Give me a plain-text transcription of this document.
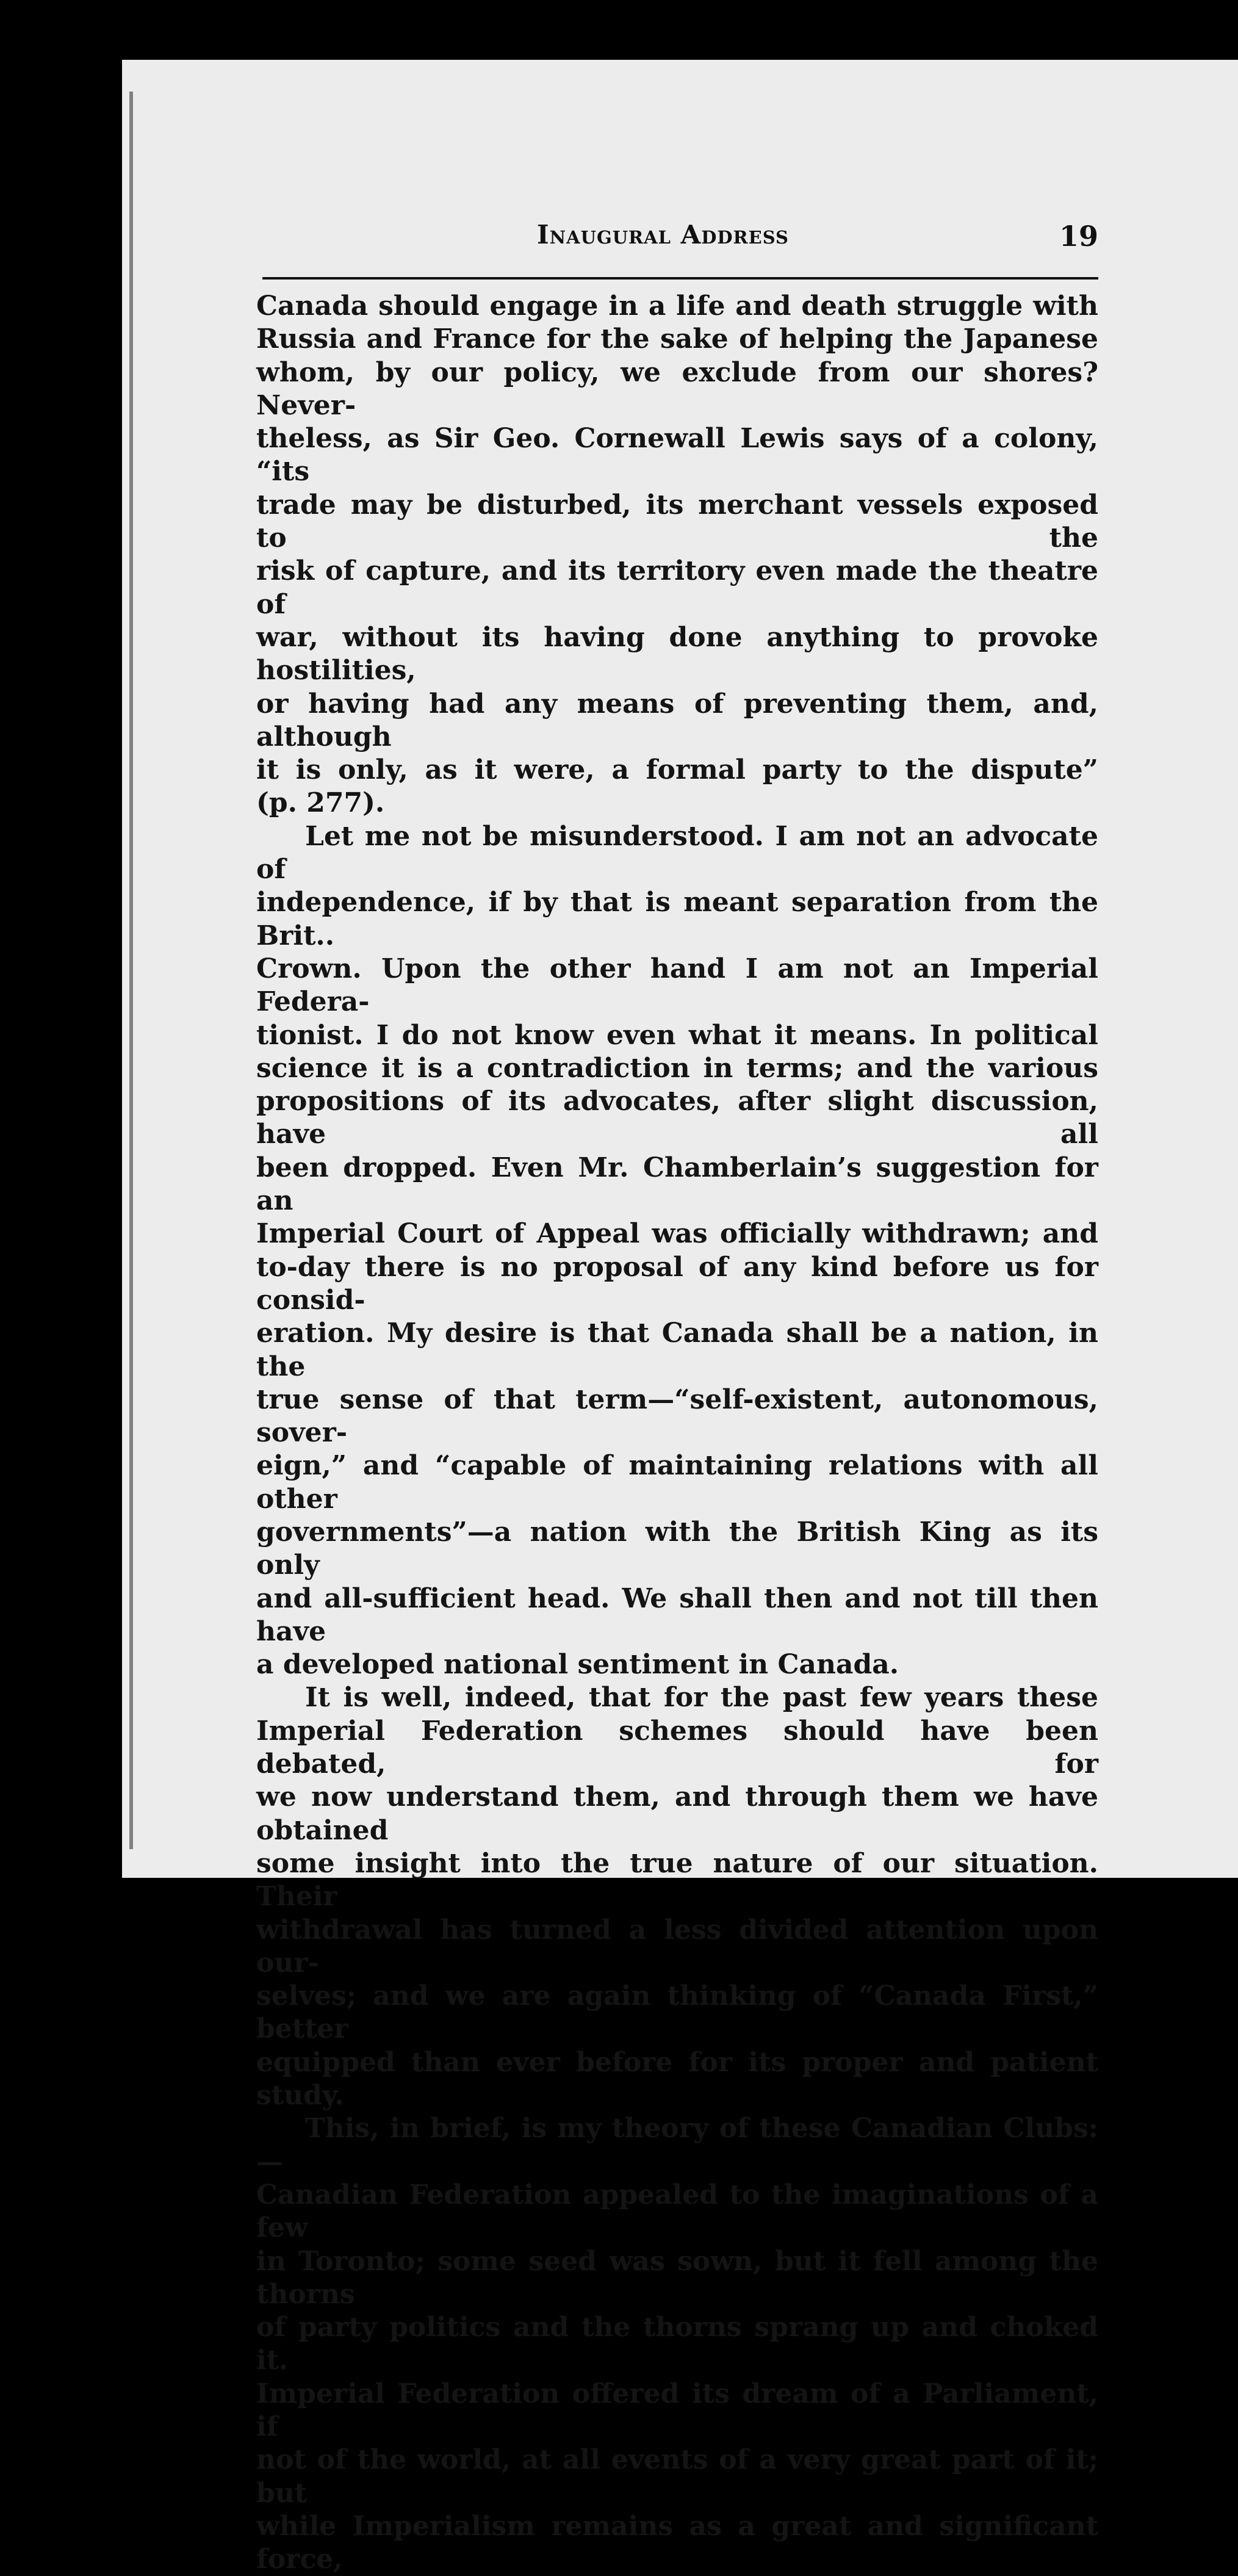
Inaugural Address	19

Canada should engage in a life and death struggle with
Russia and France for the sake of helping the Japanese
whom, by our policy, we exclude from our shores? Never-
theless, as Sir Geo. Cornewall Lewis says of a colony, “its
trade may be disturbed, its merchant vessels exposed to the
risk of capture, and its territory even made the theatre of
war, without its having done anything to provoke hostilities,
or having had any means of preventing them, and, although
it is only, as it were, a formal party to the dispute”
(p. 277).

Let me not be misunderstood. I am not an advocate of
independence, if by that is meant separation from the Brit..
Crown. Upon the other hand I am not an Imperial Federa-
tionist. I do not know even what it means. In political
science it is a contradiction in terms; and the various
propositions of its advocates, after slight discussion, have all
been dropped. Even Mr. Chamberlain’s suggestion for an
Imperial Court of Appeal was officially withdrawn; and
to-day there is no proposal of any kind before us for consid-
eration. My desire is that Canada shall be a nation, in the
true sense of that term—“self-existent, autonomous, sover-
eign,” and “capable of maintaining relations with all other
governments”—a nation with the British King as its only
and all-sufficient head. We shall then and not till then have
a developed national sentiment in Canada.

It is well, indeed, that for the past few years these
Imperial Federation schemes should have been debated, for
we now understand them, and through them we have obtained
some insight into the true nature of our situation. Their
withdrawal has turned a less divided attention upon our-
selves; and we are again thinking of “Canada First,” better
equipped than ever before for its proper and patient study.

This, in brief, is my theory of these Canadian Clubs:—
Canadian Federation appealed to the imaginations of a few
in Toronto; some seed was sown, but it fell among the thorns
of party politics and the thorns sprang up and choked it.
Imperial Federation offered its dream of a Parliament, if
not of the world, at all events of a very great part of it; but
while Imperialism remains as a great and significant force,
